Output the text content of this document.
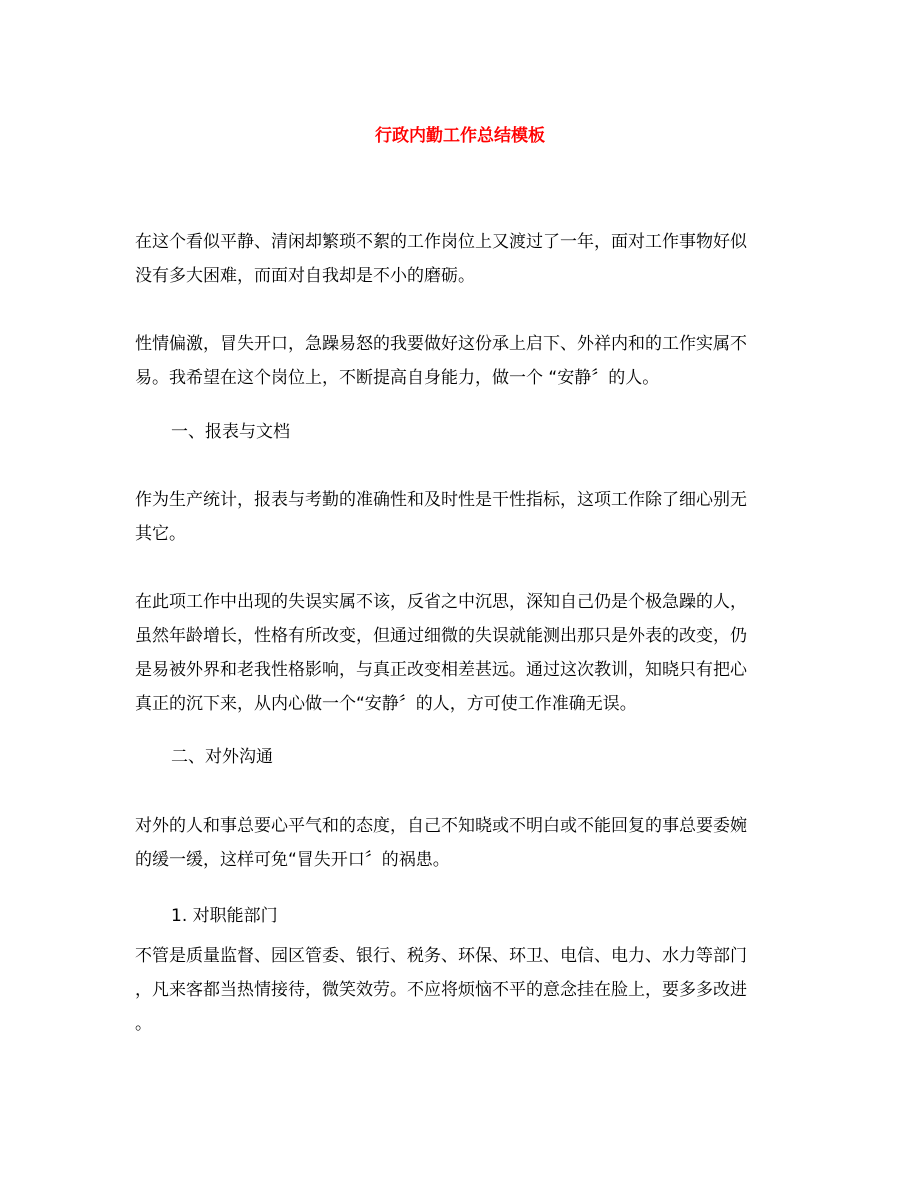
行政内勤工作总结模板
在这个看似平静、清闲却繁琐不絮的工作岗位上又渡过了一年，面对工作事物好似
没有多大困难，而面对自我却是不小的磨砺。
性情偏激，冒失开口，急躁易怒的我要做好这份承上启下、外祥内和的工作实属不
易。我希望在这个岗位上，不断提高自身能力，做一个 “安静〞的人。
一、报表与文档
作为生产统计，报表与考勤的准确性和及时性是干性指标，这项工作除了细心别无
其它。
在此项工作中出现的失误实属不该，反省之中沉思，深知自己仍是个极急躁的人，
虽然年龄增长，性格有所改变，但通过细微的失误就能测出那只是外表的改变，仍
是易被外界和老我性格影响，与真正改变相差甚远。通过这次教训，知晓只有把心
真正的沉下来，从内心做一个“安静〞的人，方可使工作准确无误。
二、对外沟通
对外的人和事总要心平气和的态度，自己不知晓或不明白或不能回复的事总要委婉
的缓一缓，这样可免“冒失开口〞的祸患。
1. 对职能部门
不管是质量监督、园区管委、银行、税务、环保、环卫、电信、电力、水力等部门
，凡来客都当热情接待，微笑效劳。不应将烦恼不平的意念挂在脸上，要多多改进
。
